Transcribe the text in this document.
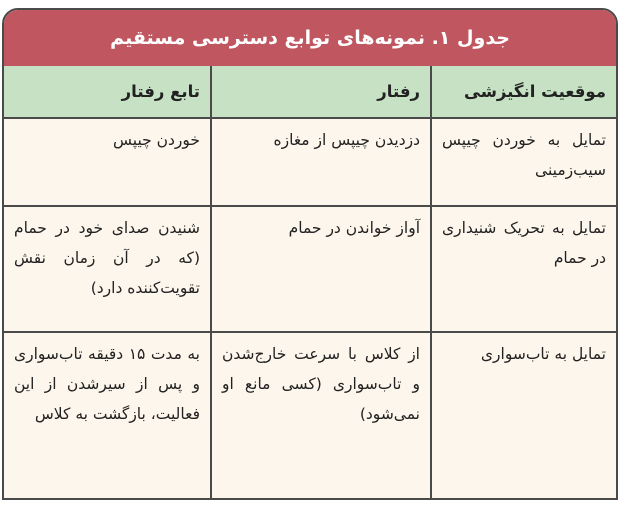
جدول ۱. نمونه‌های توابع دسترسی مستقیم
موقعیت انگیزشی	رفتار	تابع رفتار
تمایل به خوردن چیپس سیب‌زمینی	دزدیدن چیپس از مغازه	خوردن چیپس
تمایل به تحریک شنیداری در حمام	آواز خواندن در حمام	شنیدن صدای خود در حمام (که در آن زمان نقش تقویت‌کننده دارد)
تمایل به تاب‌سواری	از کلاس با سرعت خارج‌شدن و تاب‌سواری (کسی مانع او نمی‌شود)	به مدت ۱۵ دقیقه تاب‌سواری و پس از سیرشدن از این فعالیت، بازگشت به کلاس
